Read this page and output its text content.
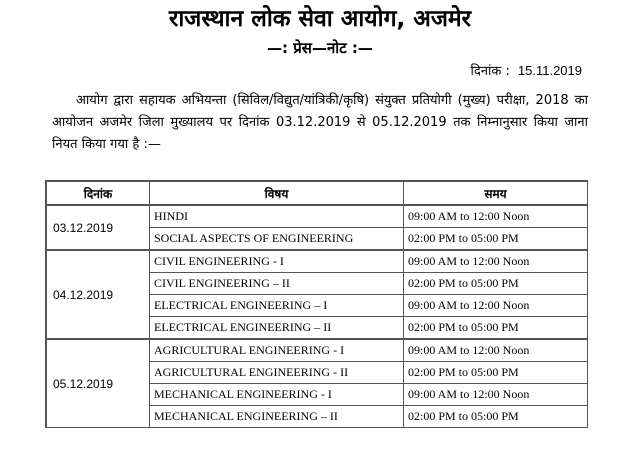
राजस्थान लोक सेवा आयोग, अजमेर
—: प्रेस—नोट :—
दिनांक : 15.11.2019

आयोग द्वारा सहायक अभियन्ता (सिविल/विद्युत/यांत्रिकी/कृषि) संयुक्त प्रतियोगी (मुख्य) परीक्षा, 2018 का आयोजन अजमेर जिला मुख्यालय पर दिनांक 03.12.2019 से 05.12.2019 तक निम्नानुसार किया जाना नियत किया गया है :—

दिनांक	विषय	समय
03.12.2019	HINDI	09:00 AM to 12:00 Noon
	SOCIAL ASPECTS OF ENGINEERING	02:00 PM to 05:00 PM
04.12.2019	CIVIL ENGINEERING - I	09:00 AM to 12:00 Noon
	CIVIL ENGINEERING – II	02:00 PM to 05:00 PM
	ELECTRICAL ENGINEERING – I	09:00 AM to 12:00 Noon
	ELECTRICAL ENGINEERING – II	02:00 PM to 05:00 PM
05.12.2019	AGRICULTURAL ENGINEERING - I	09:00 AM to 12:00 Noon
	AGRICULTURAL ENGINEERING - II	02:00 PM to 05:00 PM
	MECHANICAL ENGINEERING - I	09:00 AM to 12:00 Noon
	MECHANICAL ENGINEERING – II	02:00 PM to 05:00 PM
